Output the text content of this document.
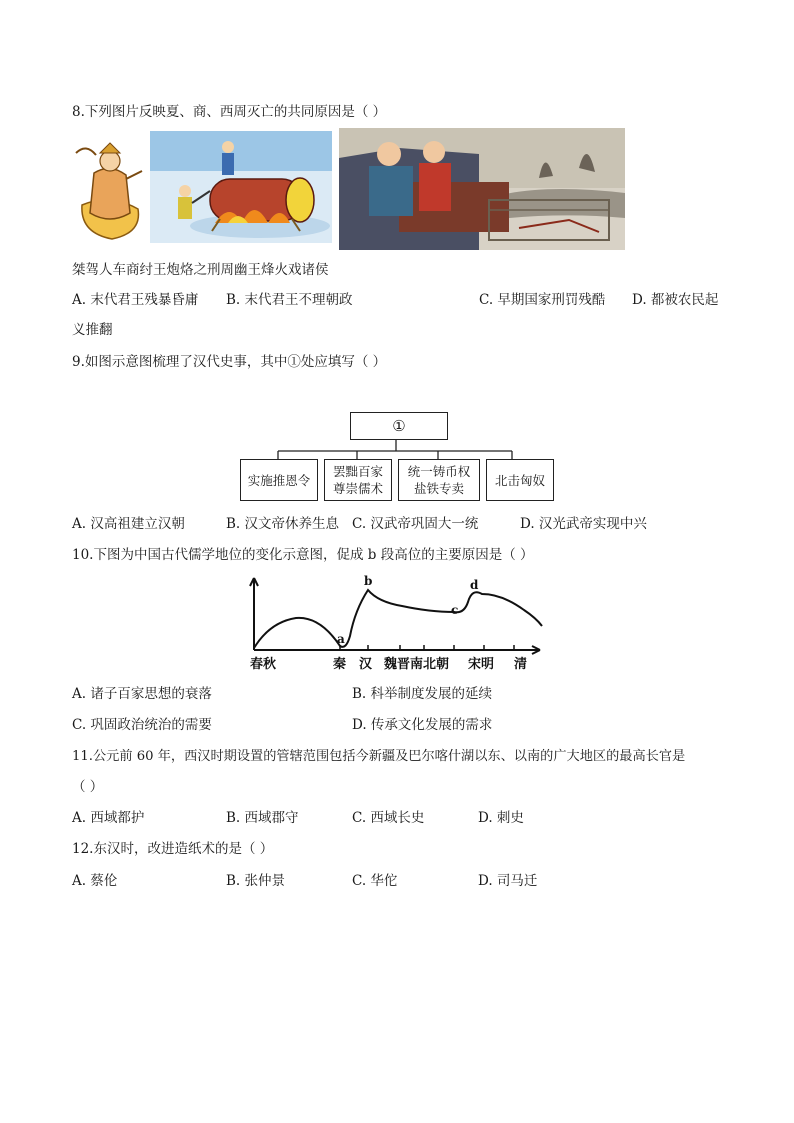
8.下列图片反映夏、商、西周灭亡的共同原因是（ ）
桀驾人车商纣王炮烙之刑周幽王烽火戏诸侯
A. 末代君王残暴昏庸 B. 末代君王不理朝政	C. 早期国家刑罚残酷 D. 都被农民起
义推翻
9.如图示意图梳理了汉代史事，其中①处应填写（ ）
①
实施推恩令
罢黜百家
尊崇儒术
统一铸币权
盐铁专卖
北击匈奴
A. 汉高祖建立汉朝	B. 汉文帝休养生息 C. 汉武帝巩固大一统	D. 汉光武帝实现中兴
10.下图为中国古代儒学地位的变化示意图，促成 b 段高位的主要原因是（ ）
a
b
c
d
春秋	秦 汉 魏晋南北朝 宋明 清
A. 诸子百家思想的衰落	B. 科举制度发展的延续
C. 巩固政治统治的需要	D. 传承文化发展的需求
11.公元前 60 年，西汉时期设置的管辖范围包括今新疆及巴尔喀什湖以东、以南的广大地区的最高长官是
（ ）
A. 西域都护	B. 西域郡守	C. 西域长史	D. 刺史
12.东汉时，改进造纸术的是（ ）
A. 蔡伦	B. 张仲景	C. 华佗	D. 司马迁
